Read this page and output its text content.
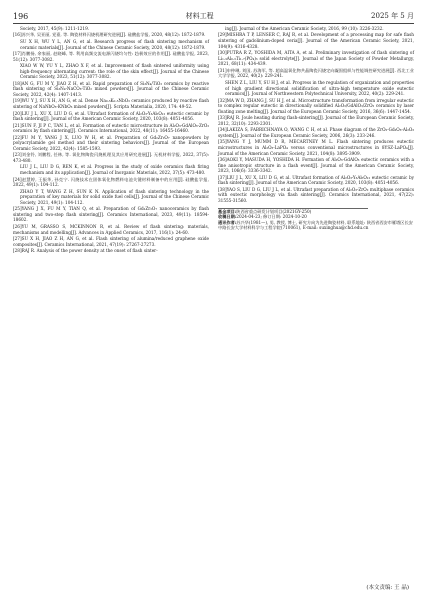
196	材料工程	2025 年 5 月
Society, 2017, 45(9): 1211-1219.
[16]苏兴华, 吴亚丽, 党嘉, 等. 陶瓷材料闪烧机理研究进展[J]. 硅酸盐学报, 2020, 48(12): 1872-1879.
SU X H, WU Y L, AN G, et al. Research progress of flash sintering mechanism of ceramic materials[J]. Journal of the Chinese Ceramic Society, 2020, 48(12): 1872-1879.
[17]肖鹏扬, 余家丽, 赵晓峰, 等. 利用高频交流电源闪烧均匀性: 趋极效应的作用[J]. 硅酸盐学报, 2023, 51(12): 3077-3082.
XIAO W W, YU Y L, ZHAO X F, et al. Improvement of flash sintered uniformity using high-frequency alternating current: the role of the skin effect[J]. Journal of the Chinese Ceramic Society, 2023, 51(12): 3077-3082.
[18]AN G, FU M Y, JIAO Z H, et al. Rapid preparation of Si₃N₄/TiO₂ ceramics by reactive flash sintering of Si₃N₄-NaCO₃-TiO₂ mixed powders[J]. Journal of the Chinese Ceramic Society, 2022, 42(4): 1407-1413.
[19]WU Y J, SU X H, AN G, et al. Dense Na₀.₅K₀.₅NbO₃ ceramics produced by reactive flash sintering of NaNbO₃-KNbO₃ mixed powders[J]. Scripta Materialia, 2020, 174: 49-52.
[20]LIU J L, XU X, LIU D G, et al. Ultrafast formation of Al₂O₃-Y₃Al₅O₁₂ eutectic ceramic by flash sintering[J]. Journal of the American Ceramic Society, 2020, 103(8): 4051-4056.
[21]SUN F, JI P C, TAN L, et al. Formation of eutectic microstructure in Al₂O₃-GdAlO₃-ZrO₂ ceramics by flash sintering[J]. Ceramics International, 2022, 48(11): 16455-16460.
[22]FU M Y, YANG J X, LUO W H, et al. Preparation of Gd₂Zr₂O₇ nanopowders by polyacrylamide gel method and their sintering behaviors[J]. Journal of the European Ceramic Society, 2022, 42(4): 1585-1593.
[23]刘金铃, 刘鹏程, 任林, 等. 氧化物陶瓷闪烧机理及其应用研究进展[J]. 无机材料学报, 2022, 37(5): 473-480.
LIU J L, LIU D G, REN K, et al. Progress in the study of oxide ceramics flash firing mechanism and its application[J]. Journal of Inorganic Materials, 2022, 37(5): 473-480.
[24]赵慧婷, 王振华, 孙克宁. 闪烧技术在固体氧化物燃料电池关键材料制备中的应用[J]. 硅酸盐学报, 2022, 49(1): 104-112.
ZHAO Y T, WANG Z H, SUN K N. Application of flash sintering technology in the preparation of key materials for solid oxide fuel cells[J]. Journal of the Chinese Ceramic Society, 2021, 49(1): 104-112.
[25]YANG J X, FU M Y, TIAN Q, et al. Preparation of Gd₂Zr₂O₇ nanoceramics by flash sintering and two-step flash sintering[J]. Ceramics International, 2023, 49(11): 18594-18602.
[26]YU M, GRASSO S, MCKINNON R, et al. Review of flash sintering: materials, mechanisms and modelling[J]. Advances in Applied Ceramics, 2017, 116(1): 24-60.
[27]SU X H, JIAO Z H, AN G, et al. Flash sintering of alumina/reduced graphene oxide composites[J]. Ceramics International, 2021, 47(19): 27267-27273.
[28]RAJ R. Analysis of the power density at the onset of flash sinter-
ing[J]. Journal of the American Ceramic Society, 2016, 99 (10): 3226-3232.
[29]MISHRA T P, LENSER C, RAJ R, et al. Development of a processing map for safe flash sintering of gadolinium-doped ceria[J]. Journal of the American Ceramic Society, 2021, 104(9): 4316-4328.
[30]PUTRA R Z, YOSHIDA M, AITA A, et al. Preliminary investigation of flash sintering of Li₁.₃Al₀.₃Ti₁.₇(PO₄)₃ solid electrolyte[J]. Journal of the Japan Society of Powder Metallurgy, 2021, 68(11): 434-439.
[31]申仲琳, 刘国, 苏海军, 等. 超高温氧化物共晶陶瓷闪烧定向凝固组织与性能调控研究进展[J]. 西北工业大学学报, 2022, 40(2): 229-241.
SHEN Z L, LIU Y, SU H J, et al. Progress in the regulation of organization and properties of high gradient directional solidification of ultra-high temperature oxide eutectic ceramics[J]. Journal of Northwestern Polytechnical University, 2022, 40(2): 229-241.
[32]MA W D, ZHANG J, SU H J, et al. Microstructure transformation from irregular eutectic to complex regular eutectic in directionally solidified Al₂O₃/GdAlO₃/ZrO₂ ceramics by laser floating zone melting[J]. Journal of the European Ceramic Society, 2016, 36(6): 1447-1454.
[33]RAJ R. Joule heating during flash-sintering[J]. Journal of the European Ceramic Society, 2012, 32(10): 2293-2301.
[34]LAKIZA S, FABRICHNAYA O, WANG C H, et al. Phase diagram of the ZrO₂-Gd₂O₃-Al₂O₃ system[J]. Journal of the European Ceramic Society, 2006, 26(3): 233-246.
[35]YANG Y J, MUMM D R, MECARTNEY M L. Flash sintering produces eutectic microstructures in Al₂O₃-LaPO₄ versus conventional microstructures in 8YSZ-LaPO₄[J]. Journal of the American Ceramic Society, 2021, 104(8): 3895-3909.
[36]AOKI Y, MASUDA H, YOSHIDA H. Formation of Al₂O₃-GdAlO₃ eutectic ceramics with a fine anisotropic structure in a flash event[J]. Journal of the American Ceramic Society, 2023, 106(6): 3336-3342.
[37]LIU J L, XU X, LIU D G, et al. Ultrafast formation of Al₂O₃-Y₃Al₅O₁₂ eutectic ceramic by flash sintering[J]. Journal of the American Ceramic Society, 2020, 103(8): 4051-4056.
[38]YAO S, LIU D G, LIU J L, et al. Ultrafast preparation of Al₂O₃-ZrO₂ multiphase ceramics with eutectic morphology via flash sintering[J]. Ceramics International, 2021, 47(22): 31555-31560.
基金项目:陕西省重点研发计划项目(2021GY-250)
收稿日期:2024-04-23; 修订日期: 2024-10-20
通讯作者:苏兴华(1981—), 男, 教授, 博士, 研究方向为先进陶瓷材料, 联系地址: 陕西省西安市雁塔区长安中路长安大学材料科学与工程学院(710061), E-mail: suxinghua@chd.edu.cn
(本文责编: 王 晶)
